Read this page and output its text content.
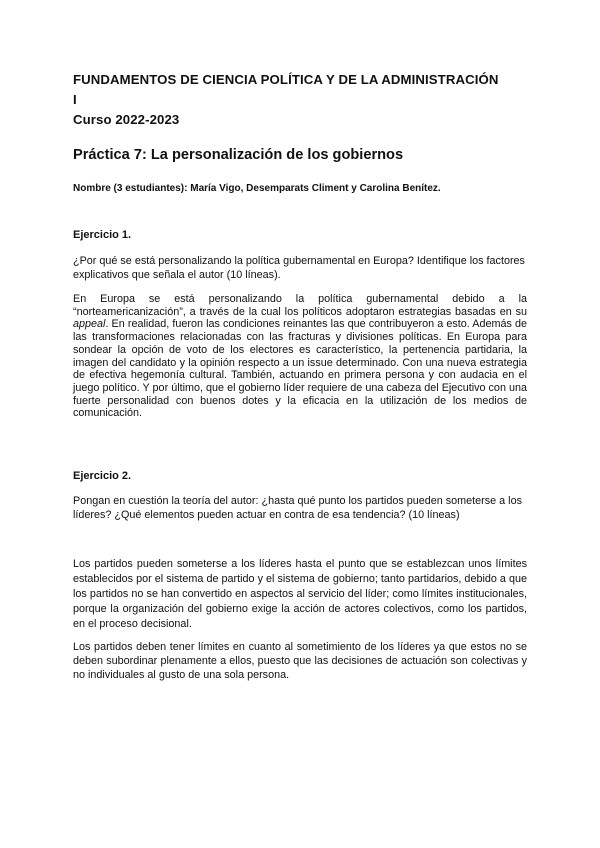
FUNDAMENTOS DE CIENCIA POLÍTICA Y DE LA ADMINISTRACIÓN
I
Curso 2022-2023

Práctica 7: La personalización de los gobiernos

Nombre (3 estudiantes): María Vigo, Desemparats Climent y Carolina Benítez.

Ejercicio 1.

¿Por qué se está personalizando la política gubernamental en Europa? Identifique los factores explicativos que señala el autor (10 líneas).

En Europa se está personalizando la política gubernamental debido a la “norteamericanización”, a través de la cual los políticos adoptaron estrategias basadas en su appeal. En realidad, fueron las condiciones reinantes las que contribuyeron a esto. Además de las transformaciones relacionadas con las fracturas y divisiones políticas. En Europa para sondear la opción de voto de los electores es característico, la pertenencia partidaria, la imagen del candidato y la opinión respecto a un issue determinado. Con una nueva estrategia de efectiva hegemonía cultural. También, actuando en primera persona y con audacia en el juego político. Y por último, que el gobierno líder requiere de una cabeza del Ejecutivo con una fuerte personalidad con buenos dotes y la eficacia en la utilización de los medios de comunicación.

Ejercicio 2.

Pongan en cuestión la teoría del autor: ¿hasta qué punto los partidos pueden someterse a los líderes? ¿Qué elementos pueden actuar en contra de esa tendencia? (10 líneas)

Los partidos pueden someterse a los líderes hasta el punto que se establezcan unos límites establecidos por el sistema de partido y el sistema de gobierno; tanto partidarios, debido a que los partidos no se han convertido en aspectos al servicio del líder; como límites institucionales, porque la organización del gobierno exige la acción de actores colectivos, como los partidos, en el proceso decisional.

Los partidos deben tener límites en cuanto al sometimiento de los líderes ya que estos no se deben subordinar plenamente a ellos, puesto que las decisiones de actuación son colectivas y no individuales al gusto de una sola persona.
